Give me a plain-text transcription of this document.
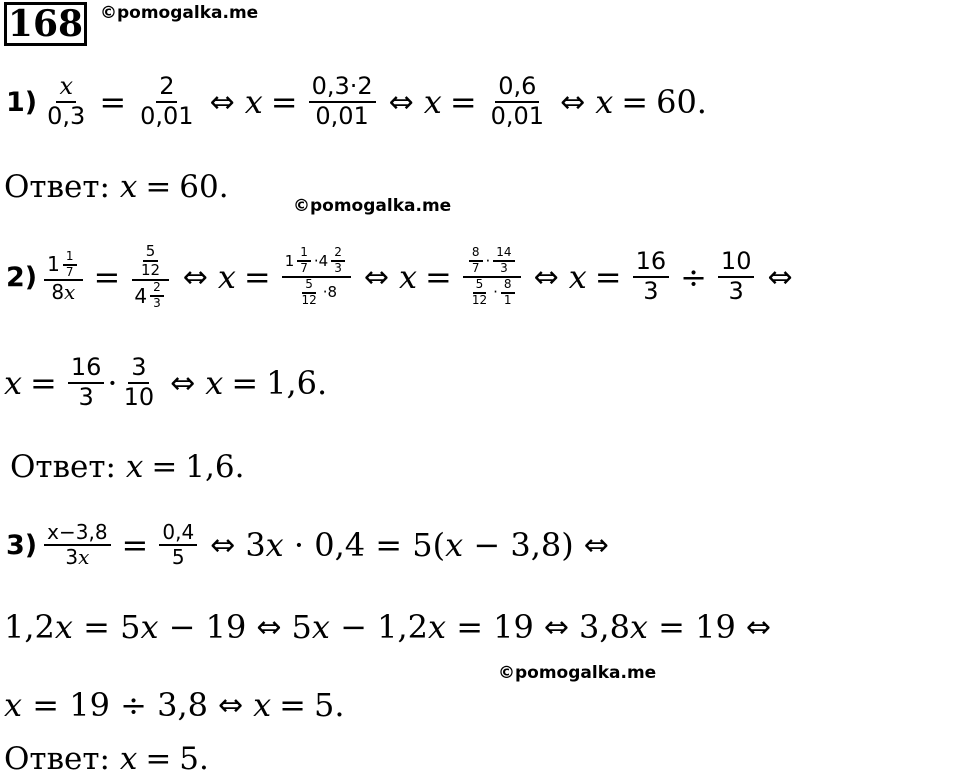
168 ©pomogalka.me
©pomogalka.me
©pomogalka.me
$1) \frac{x}{0,3} = \frac{2}{0,01}$ ⇔ $x = \frac{0,3\cdot 2}{0,01}$ ⇔ $x = \frac{0,6}{0,01}$ ⇔ x = 60.
Ответ:
x = 60.
$2) \frac{1 \frac{1}{7}}{8 x} = \frac{\frac{5}{12}}{4 \frac{2}{3}}$ ⇔ $x = \frac{1 \frac{1}{7} \cdot 4 \frac{2}{3}}{\frac{5}{12} \cdot 8}$ ⇔ $x = \frac{\frac{8}{7} \cdot \frac{14}{3}}{\frac{5}{12} \cdot \frac{8}{1}}$ ⇔ $x = \frac{16}{3} \div \frac{10}{3}$ ⇔
$x = \frac{16}{3} \cdot \frac{3}{10}$ ⇔ x = 1,6.
Ответ:
x = 1,6.
$3) \frac{x-3,8}{3 x} = \frac{0,4}{5}$ ⇔ 3 x · 0,4 = 5( x − 3,8) ⇔
1,2 x = 5 x − 19 ⇔ 5 x − 1,2 x = 19 ⇔ 3,8 x = 19 ⇔
x = 19 ÷ 3,8 ⇔ x = 5.
Ответ:
x = 5.
